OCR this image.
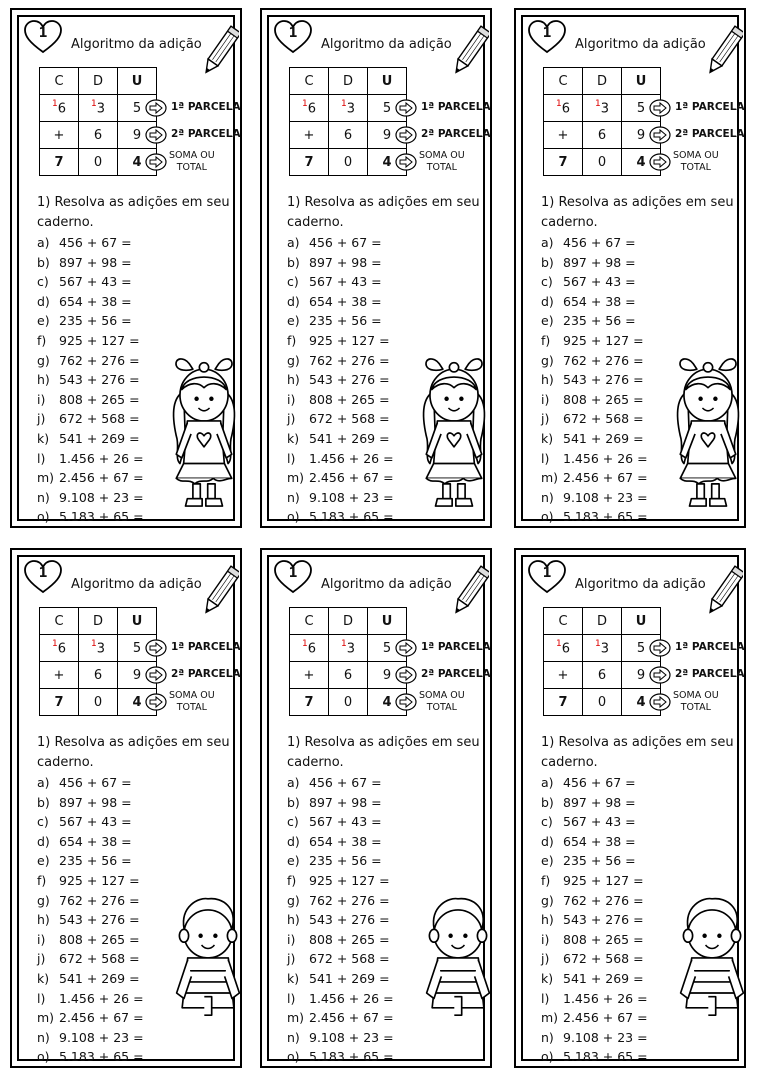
1
Algoritmo da adição
C	D	U
$^1$6	$^1$3	5
+	6	9
7	0	4
1ª PARCELA
2ª PARCELA
SOMA OU
TOTAL
1) Resolva as adições em seu caderno.
a) 456 + 67 =
b) 897 + 98 =
c) 567 + 43 =
d) 654 + 38 =
e) 235 + 56 =
f) 925 + 127 =
g) 762 + 276 =
h) 543 + 276 =
i) 808 + 265 =
j) 672 + 568 =
k) 541 + 269 =
l) 1.456 + 26 =
m) 2.456 + 67 =
n) 9.108 + 23 =
o) 5.183 + 65 =
1
Algoritmo da adição
C	D	U
$^1$6	$^1$3	5
+	6	9
7	0	4
1ª PARCELA
2ª PARCELA
SOMA OU
TOTAL
1) Resolva as adições em seu caderno.
a) 456 + 67 =
b) 897 + 98 =
c) 567 + 43 =
d) 654 + 38 =
e) 235 + 56 =
f) 925 + 127 =
g) 762 + 276 =
h) 543 + 276 =
i) 808 + 265 =
j) 672 + 568 =
k) 541 + 269 =
l) 1.456 + 26 =
m) 2.456 + 67 =
n) 9.108 + 23 =
o) 5.183 + 65 =
1
Algoritmo da adição
C	D	U
$^1$6	$^1$3	5
+	6	9
7	0	4
1ª PARCELA
2ª PARCELA
SOMA OU
TOTAL
1) Resolva as adições em seu caderno.
a) 456 + 67 =
b) 897 + 98 =
c) 567 + 43 =
d) 654 + 38 =
e) 235 + 56 =
f) 925 + 127 =
g) 762 + 276 =
h) 543 + 276 =
i) 808 + 265 =
j) 672 + 568 =
k) 541 + 269 =
l) 1.456 + 26 =
m) 2.456 + 67 =
n) 9.108 + 23 =
o) 5.183 + 65 =
1
Algoritmo da adição
C	D	U
$^1$6	$^1$3	5
+	6	9
7	0	4
1ª PARCELA
2ª PARCELA
SOMA OU
TOTAL
1) Resolva as adições em seu caderno.
a) 456 + 67 =
b) 897 + 98 =
c) 567 + 43 =
d) 654 + 38 =
e) 235 + 56 =
f) 925 + 127 =
g) 762 + 276 =
h) 543 + 276 =
i) 808 + 265 =
j) 672 + 568 =
k) 541 + 269 =
l) 1.456 + 26 =
m) 2.456 + 67 =
n) 9.108 + 23 =
o) 5.183 + 65 =
1
Algoritmo da adição
C	D	U
$^1$6	$^1$3	5
+	6	9
7	0	4
1ª PARCELA
2ª PARCELA
SOMA OU
TOTAL
1) Resolva as adições em seu caderno.
a) 456 + 67 =
b) 897 + 98 =
c) 567 + 43 =
d) 654 + 38 =
e) 235 + 56 =
f) 925 + 127 =
g) 762 + 276 =
h) 543 + 276 =
i) 808 + 265 =
j) 672 + 568 =
k) 541 + 269 =
l) 1.456 + 26 =
m) 2.456 + 67 =
n) 9.108 + 23 =
o) 5.183 + 65 =
1
Algoritmo da adição
C	D	U
$^1$6	$^1$3	5
+	6	9
7	0	4
1ª PARCELA
2ª PARCELA
SOMA OU
TOTAL
1) Resolva as adições em seu caderno.
a) 456 + 67 =
b) 897 + 98 =
c) 567 + 43 =
d) 654 + 38 =
e) 235 + 56 =
f) 925 + 127 =
g) 762 + 276 =
h) 543 + 276 =
i) 808 + 265 =
j) 672 + 568 =
k) 541 + 269 =
l) 1.456 + 26 =
m) 2.456 + 67 =
n) 9.108 + 23 =
o) 5.183 + 65 =
